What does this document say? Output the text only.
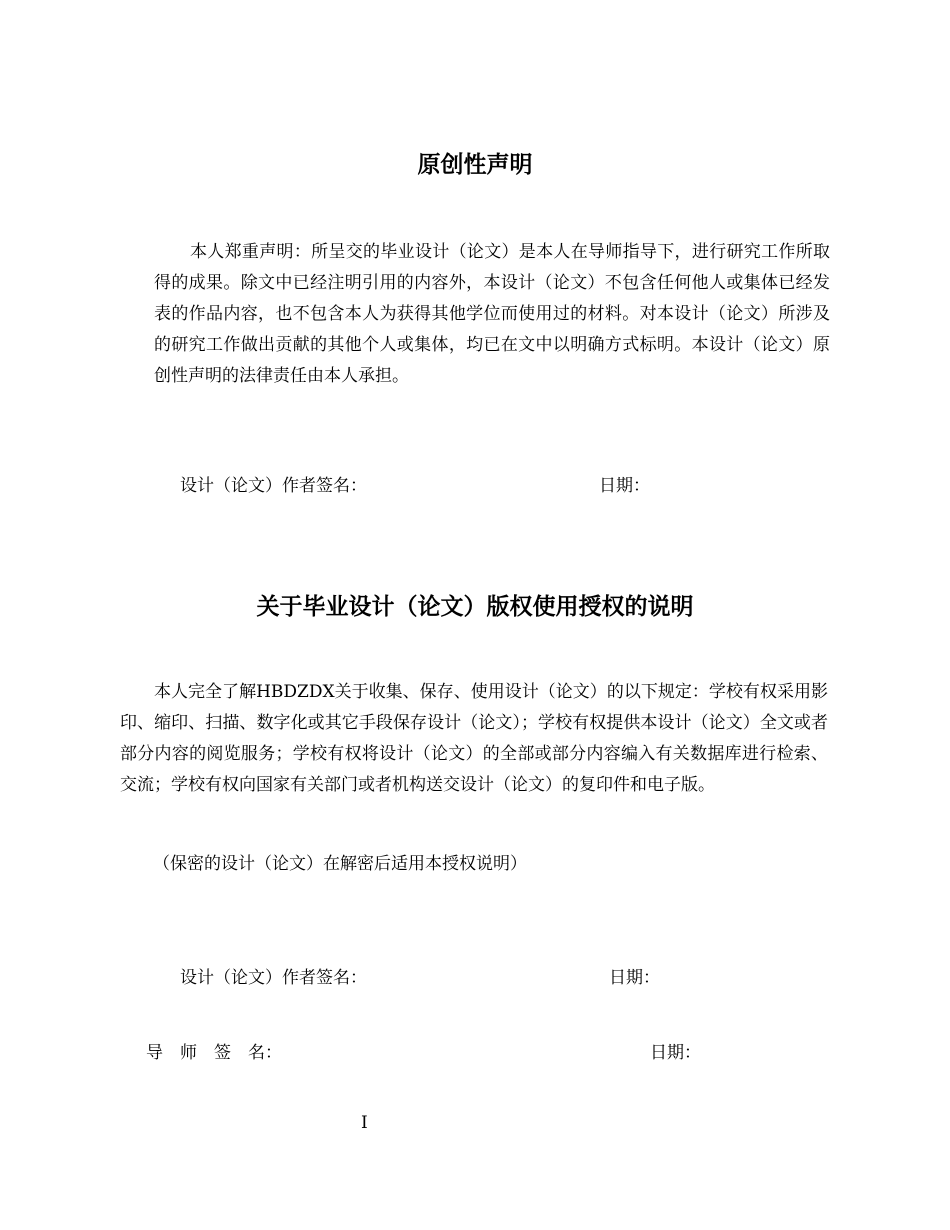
原创性声明

本人郑重声明：所呈交的毕业设计（论文）是本人在导师指导下，进行研究工作所取得的成果。除文中已经注明引用的内容外，本设计（论文）不包含任何他人或集体已经发表的作品内容，也不包含本人为获得其他学位而使用过的材料。对本设计（论文）所涉及的研究工作做出贡献的其他个人或集体，均已在文中以明确方式标明。本设计（论文）原创性声明的法律责任由本人承担。

设计（论文）作者签名：	日期：
关于毕业设计（论文）版权使用授权的说明

本人完全了解HBDZDX关于收集、保存、使用设计（论文）的以下规定：学校有权采用影印、缩印、扫描、数字化或其它手段保存设计（论文）；学校有权提供本设计（论文）全文或者部分内容的阅览服务；学校有权将设计（论文）的全部或部分内容编入有关数据库进行检索、交流；学校有权向国家有关部门或者机构送交设计（论文）的复印件和电子版。

（保密的设计（论文）在解密后适用本授权说明）
设计（论文）作者签名：	日期：
导　师　签　名：	日期：
I
